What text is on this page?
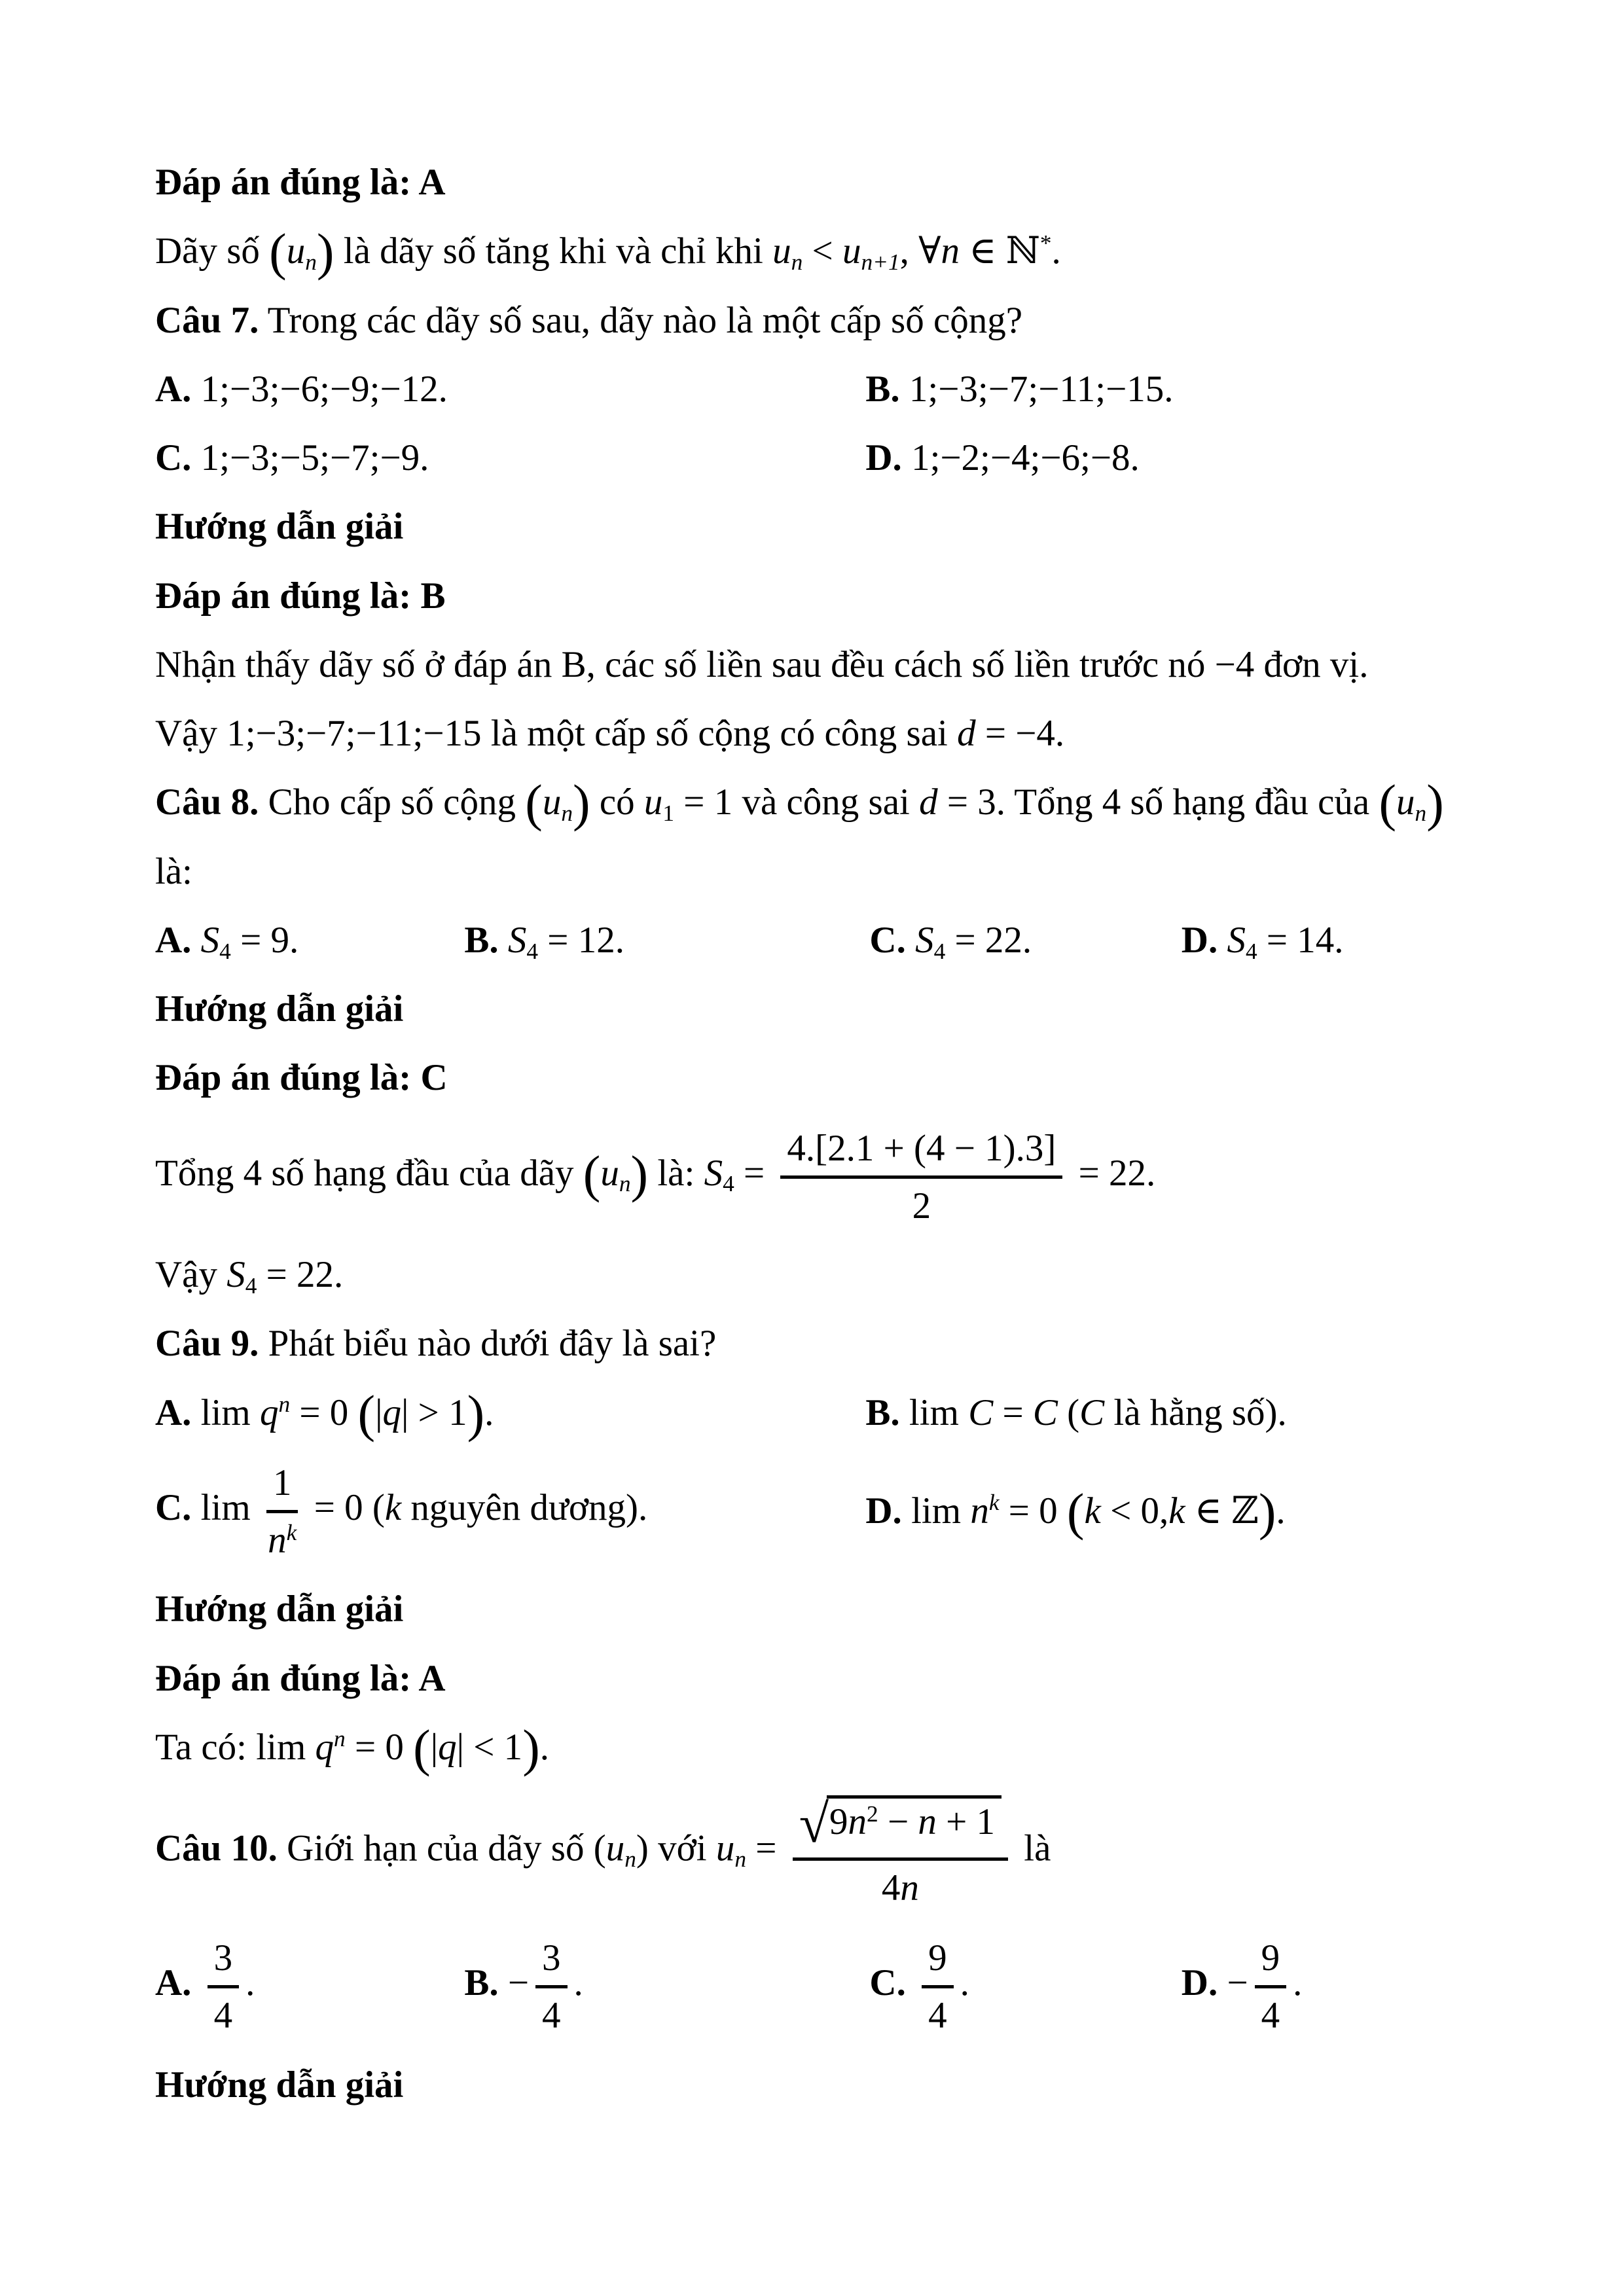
Đáp án đúng là: A

Dãy số $(u_n)$ là dãy số tăng khi và chỉ khi $u_n < u_{n+1}$, ∀n ∈ ℕ*.

Câu 7. Trong các dãy số sau, dãy nào là một cấp số cộng?

A. 1;−3;−6;−9;−12.	B. 1;−3;−7;−11;−15.

C. 1;−3;−5;−7;−9.	D. 1;−2;−4;−6;−8.

Hướng dẫn giải

Đáp án đúng là: B

Nhận thấy dãy số ở đáp án B, các số liền sau đều cách số liền trước nó −4 đơn vị.

Vậy 1;−3;−7;−11;−15 là một cấp số cộng có công sai d = −4.

Câu 8. Cho cấp số cộng $(u_n)$ có $u_1 = 1$ và công sai d = 3. Tổng 4 số hạng đầu của $(u_n)$

là:

A. $S_4 = 9$.	B. $S_4 = 12$.	C. $S_4 = 22$.	D. $S_4 = 14$.

Hướng dẫn giải

Đáp án đúng là: C

Tổng 4 số hạng đầu của dãy $(u_n)$ là: $S_4 = \frac{4.[2.1 + (4 - 1).3]}{2} = 22$.

Vậy $S_4 = 22$.

Câu 9. Phát biểu nào dưới đây là sai?

A. $\lim q^n = 0$ (|q| > 1).	B. lim C = C (C là hằng số).

C. $\lim \frac{1}{n^k} = 0$ (k nguyên dương).	D. $\lim n^k = 0$ (k < 0,k ∈ ℤ).

Hướng dẫn giải

Đáp án đúng là: A

Ta có: $\lim q^n = 0$ (|q| < 1).

Câu 10. Giới hạn của dãy số $(u_n)$ với $u_n = \frac{√ 9n^2 - n + 1}{4n}$ là

A. $\frac{3}{4}$ .	B. − $\frac{3}{4}$ .	C. $\frac{9}{4}$ .	D. − $\frac{9}{4}$ .

Hướng dẫn giải
